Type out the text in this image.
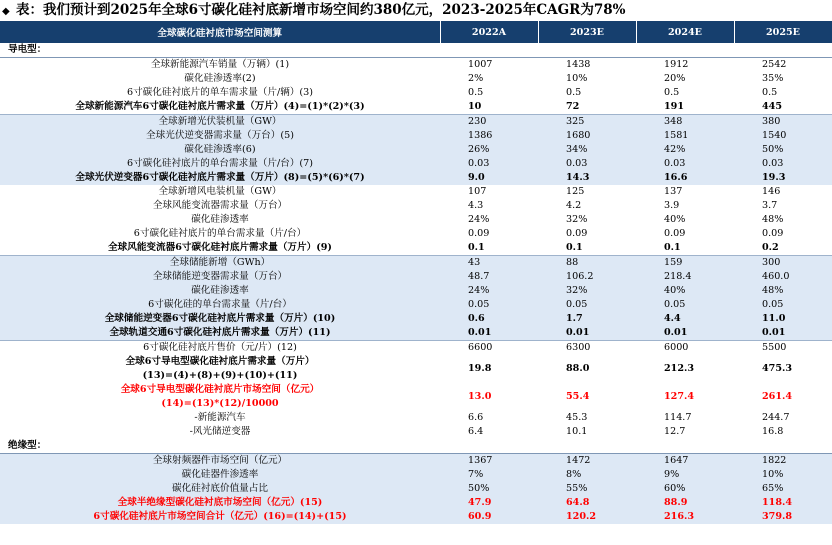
◆ 表：我们预计到2025年全球6寸碳化硅衬底新增市场空间约380亿元，2023-2025年CAGR为78%
全球碳化硅衬底市场空间测算	2022A	2023E	2024E	2025E
导电型：				

全球新能源汽车销量（万辆）(1)	1007	1438	1912	2542

碳化硅渗透率(2)	2%	10%	20%	35%

6寸碳化硅衬底片的单车需求量（片/辆）(3)	0.5	0.5	0.5	0.5

全球新能源汽车6寸碳化硅衬底片需求量（万片）(4)=(1)*(2)*(3)	10	72	191	445

全球新增光伏装机量（GW）	230	325	348	380

全球光伏逆变器需求量（万台）(5)	1386	1680	1581	1540

碳化硅渗透率(6)	26%	34%	42%	50%

6寸碳化硅衬底片的单台需求量（片/台）(7)	0.03	0.03	0.03	0.03

全球光伏逆变器6寸碳化硅衬底片需求量（万片）(8)=(5)*(6)*(7)	9.0	14.3	16.6	19.3

全球新增风电装机量（GW）	107	125	137	146

全球风能变流器需求量（万台）	4.3	4.2	3.9	3.7

碳化硅渗透率	24%	32%	40%	48%

6寸碳化硅衬底片的单台需求量（片/台）	0.09	0.09	0.09	0.09

全球风能变流器6寸碳化硅衬底片需求量（万片）(9)	0.1	0.1	0.1	0.2

全球储能新增（GWh）	43	88	159	300

全球储能逆变器需求量（万台）	48.7	106.2	218.4	460.0

碳化硅渗透率	24%	32%	40%	48%

6寸碳化硅的单台需求量（片/台）	0.05	0.05	0.05	0.05

全球储能逆变器6寸碳化硅衬底片需求量（万片）(10)	0.6	1.7	4.4	11.0

全球轨道交通6寸碳化硅衬底片需求量（万片）(11)	0.01	0.01	0.01	0.01

6寸碳化硅衬底片售价（元/片）(12)	6600	6300	6000	5500

全球6寸导电型碳化硅衬底片需求量（万片）
(13)=(4)+(8)+(9)+(10)+(11)	19.8	88.0	212.3	475.3

全球6寸导电型碳化硅衬底片市场空间（亿元）
(14)=(13)*(12)/10000	13.0	55.4	127.4	261.4

-新能源汽车	6.6	45.3	114.7	244.7

-风光储逆变器	6.4	10.1	12.7	16.8
绝缘型：				

全球射频器件市场空间（亿元）	1367	1472	1647	1822

碳化硅器件渗透率	7%	8%	9%	10%

碳化硅衬底价值量占比	50%	55%	60%	65%

全球半绝缘型碳化硅衬底市场空间（亿元）(15)	47.9	64.8	88.9	118.4

6寸碳化硅衬底片市场空间合计（亿元）(16)=(14)+(15)	60.9	120.2	216.3	379.8
